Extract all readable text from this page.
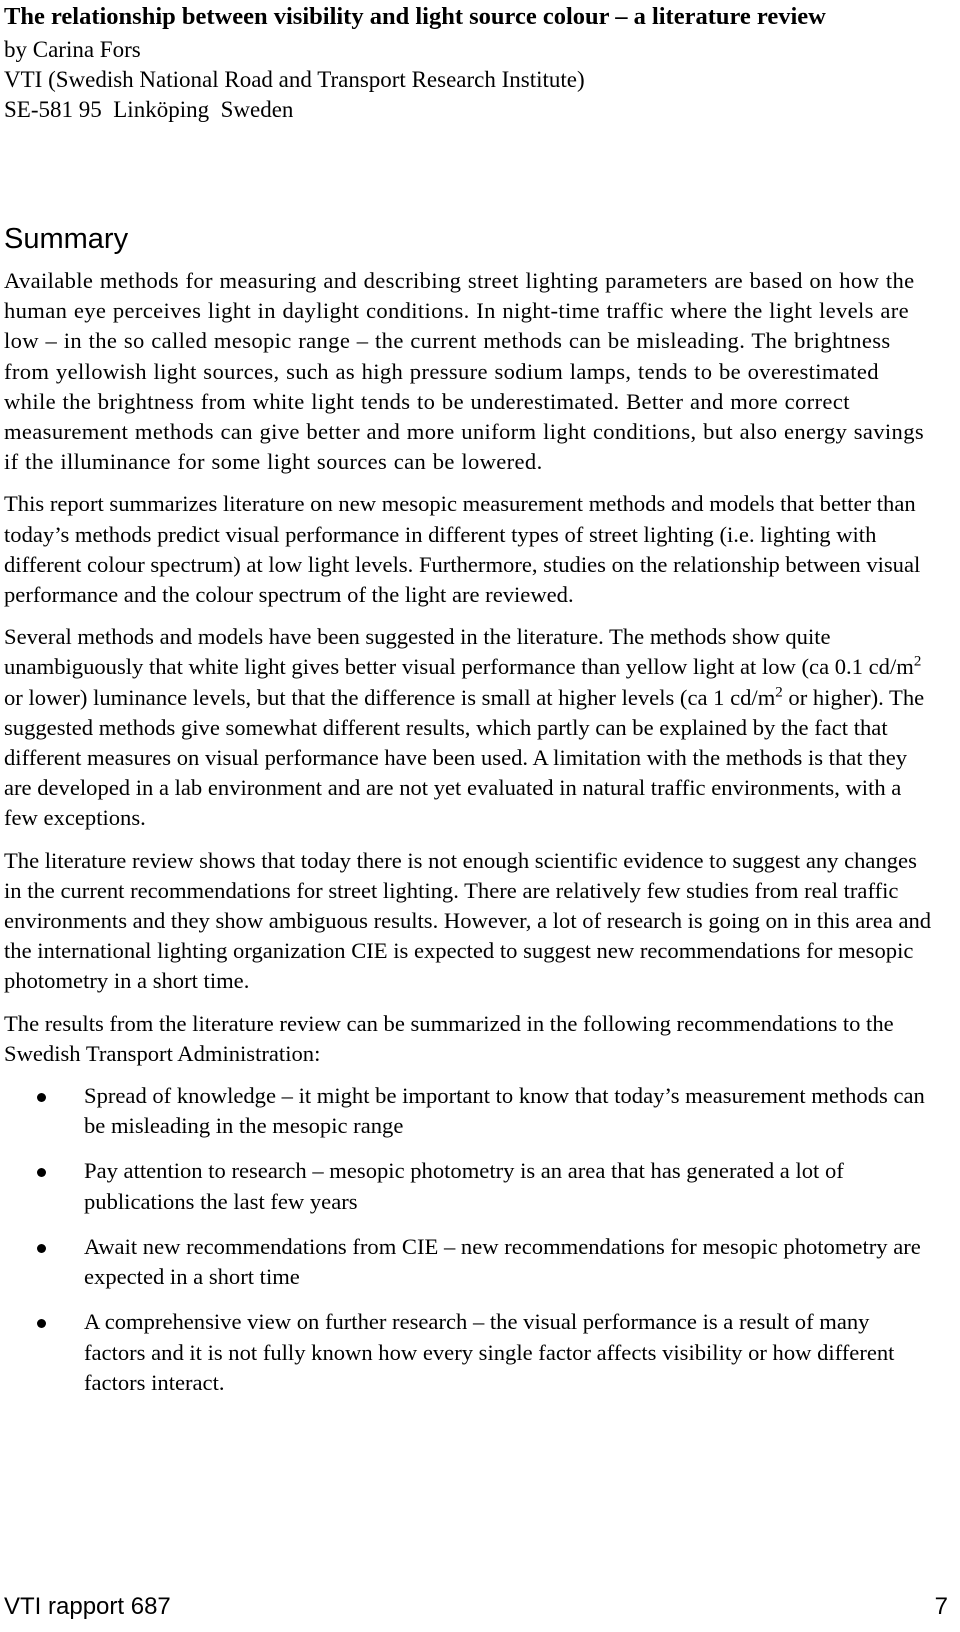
The relationship between visibility and light source colour – a literature review
by Carina Fors
VTI (Swedish National Road and Transport Research Institute)
SE-581 95  Linköping  Sweden
Summary

Available methods for measuring and describing street lighting parameters are based on how the human eye perceives light in daylight conditions. In night-time traffic where the light levels are low – in the so called mesopic range – the current methods can be misleading. The brightness from yellowish light sources, such as high pressure sodium lamps, tends to be overestimated while the brightness from white light tends to be underestimated. Better and more correct measurement methods can give better and more uniform light conditions, but also energy savings if the illuminance for some light sources can be lowered.

This report summarizes literature on new mesopic measurement methods and models that better than today’s methods predict visual performance in different types of street lighting (i.e. lighting with different colour spectrum) at low light levels. Furthermore, studies on the relationship between visual performance and the colour spectrum of the light are reviewed.

Several methods and models have been suggested in the literature. The methods show quite unambiguously that white light gives better visual performance than yellow light at low (ca 0.1 $cd/m^2$ or lower) luminance levels, but that the difference is small at higher levels (ca 1 $cd/m^2$ or higher). The suggested methods give somewhat different results, which partly can be explained by the fact that different measures on visual performance have been used. A limitation with the methods is that they are developed in a lab environment and are not yet evaluated in natural traffic environments, with a few exceptions.

The literature review shows that today there is not enough scientific evidence to suggest any changes in the current recommendations for street lighting. There are relatively few studies from real traffic environments and they show ambiguous results. However, a lot of research is going on in this area and the international lighting organization CIE is expected to suggest new recommendations for mesopic photometry in a short time.

The results from the literature review can be summarized in the following recommendations to the Swedish Transport Administration:

Spread of knowledge – it might be important to know that today’s measurement methods can be misleading in the mesopic range
Pay attention to research – mesopic photometry is an area that has generated a lot of publications the last few years
Await new recommendations from CIE – new recommendations for mesopic photometry are expected in a short time
A comprehensive view on further research – the visual performance is a result of many factors and it is not fully known how every single factor affects visibility or how different factors interact.
VTI rapport 687	7
